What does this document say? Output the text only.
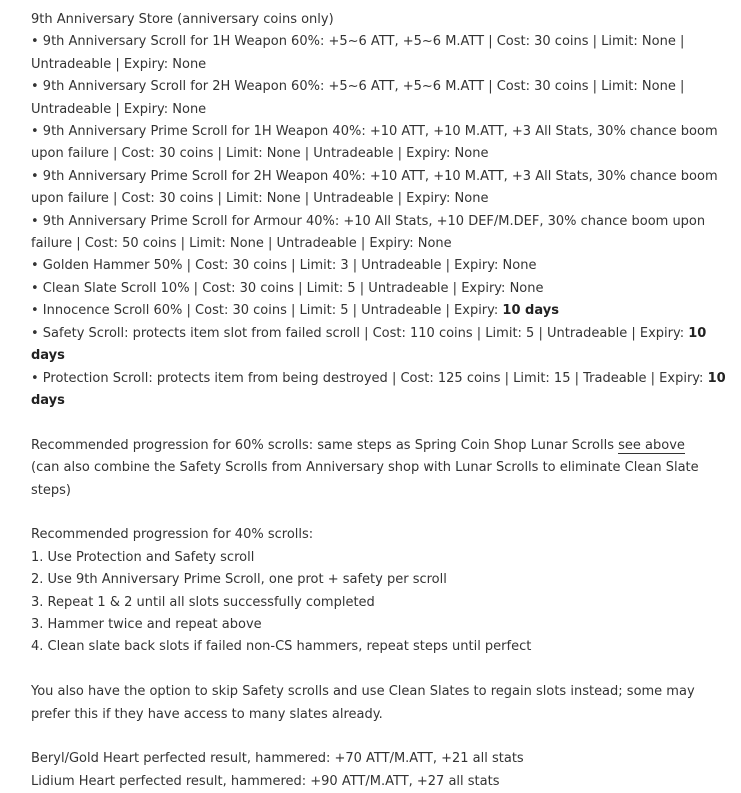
9th Anniversary Store (anniversary coins only)
• 9th Anniversary Scroll for 1H Weapon 60%: +5~6 ATT, +5~6 M.ATT | Cost: 30 coins | Limit: None | Untradeable | Expiry: None
• 9th Anniversary Scroll for 2H Weapon 60%: +5~6 ATT, +5~6 M.ATT | Cost: 30 coins | Limit: None | Untradeable | Expiry: None
• 9th Anniversary Prime Scroll for 1H Weapon 40%: +10 ATT, +10 M.ATT, +3 All Stats, 30% chance boom upon failure | Cost: 30 coins | Limit: None | Untradeable | Expiry: None
• 9th Anniversary Prime Scroll for 2H Weapon 40%: +10 ATT, +10 M.ATT, +3 All Stats, 30% chance boom upon failure | Cost: 30 coins | Limit: None | Untradeable | Expiry: None
• 9th Anniversary Prime Scroll for Armour 40%: +10 All Stats, +10 DEF/M.DEF, 30% chance boom upon failure | Cost: 50 coins | Limit: None | Untradeable | Expiry: None
• Golden Hammer 50% | Cost: 30 coins | Limit: 3 | Untradeable | Expiry: None
• Clean Slate Scroll 10% | Cost: 30 coins | Limit: 5 | Untradeable | Expiry: None
• Innocence Scroll 60% | Cost: 30 coins | Limit: 5 | Untradeable | Expiry: 10 days
• Safety Scroll: protects item slot from failed scroll | Cost: 110 coins | Limit: 5 | Untradeable | Expiry: 10 days
• Protection Scroll: protects item from being destroyed | Cost: 125 coins | Limit: 15 | Tradeable | Expiry: 10 days
Recommended progression for 60% scrolls: same steps as Spring Coin Shop Lunar Scrolls see above
(can also combine the Safety Scrolls from Anniversary shop with Lunar Scrolls to eliminate Clean Slate steps)
Recommended progression for 40% scrolls:
1. Use Protection and Safety scroll
2. Use 9th Anniversary Prime Scroll, one prot + safety per scroll
3. Repeat 1 & 2 until all slots successfully completed
3. Hammer twice and repeat above
4. Clean slate back slots if failed non-CS hammers, repeat steps until perfect
You also have the option to skip Safety scrolls and use Clean Slates to regain slots instead; some may prefer this if they have access to many slates already.
Beryl/Gold Heart perfected result, hammered: +70 ATT/M.ATT, +21 all stats
Lidium Heart perfected result, hammered: +90 ATT/M.ATT, +27 all stats
